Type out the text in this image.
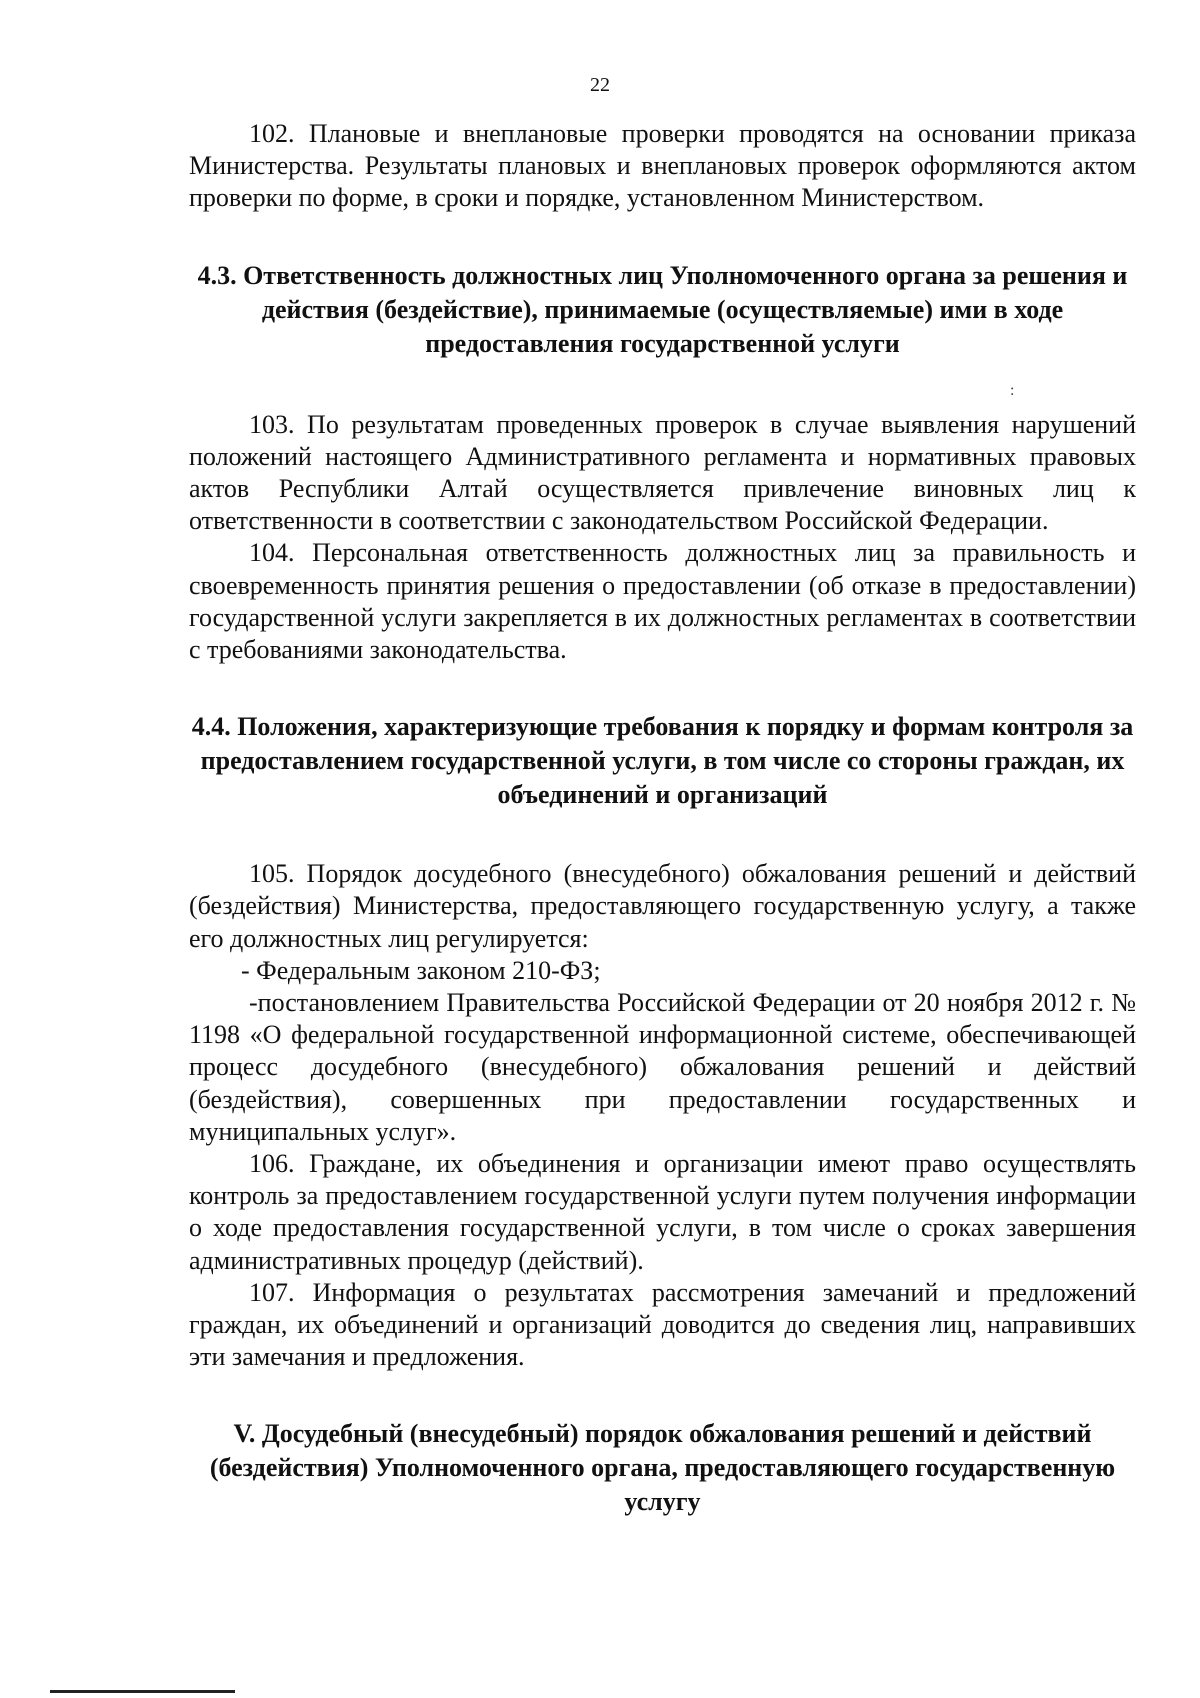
22

102. Плановые и внеплановые проверки проводятся на основании приказа Министерства. Результаты плановых и внеплановых проверок оформляются актом проверки по форме, в сроки и порядке, установленном Министерством.

4.3. Ответственность должностных лиц Уполномоченного органа за решения и действия (бездействие), принимаемые (осуществляемые) ими в ходе предоставления государственной услуги

103. По результатам проведенных проверок в случае выявления нарушений положений настоящего Административного регламента и нормативных правовых актов Республики Алтай осуществляется привлечение виновных лиц к ответственности в соответствии с законодательством Российской Федерации.

104. Персональная ответственность должностных лиц за правильность и своевременность принятия решения о предоставлении (об отказе в предоставлении) государственной услуги закрепляется в их должностных регламентах в соответствии с требованиями законодательства.

4.4. Положения, характеризующие требования к порядку и формам контроля за предоставлением государственной услуги, в том числе со стороны граждан, их объединений и организаций

105. Порядок досудебного (внесудебного) обжалования решений и действий (бездействия) Министерства, предоставляющего государственную услугу, а также его должностных лиц регулируется:

- Федеральным законом 210-ФЗ;

-постановлением Правительства Российской Федерации от 20 ноября 2012 г. № 1198 «О федеральной государственной информационной системе, обеспечивающей процесс досудебного (внесудебного) обжалования решений и действий (бездействия), совершенных при предоставлении государственных и муниципальных услуг».

106. Граждане, их объединения и организации имеют право осуществлять контроль за предоставлением государственной услуги путем получения информации о ходе предоставления государственной услуги, в том числе о сроках завершения административных процедур (действий).

107. Информация о результатах рассмотрения замечаний и предложений граждан, их объединений и организаций доводится до сведения лиц, направивших эти замечания и предложения.

V. Досудебный (внесудебный) порядок обжалования решений и действий (бездействия) Уполномоченного органа, предоставляющего государственную услугу

:
